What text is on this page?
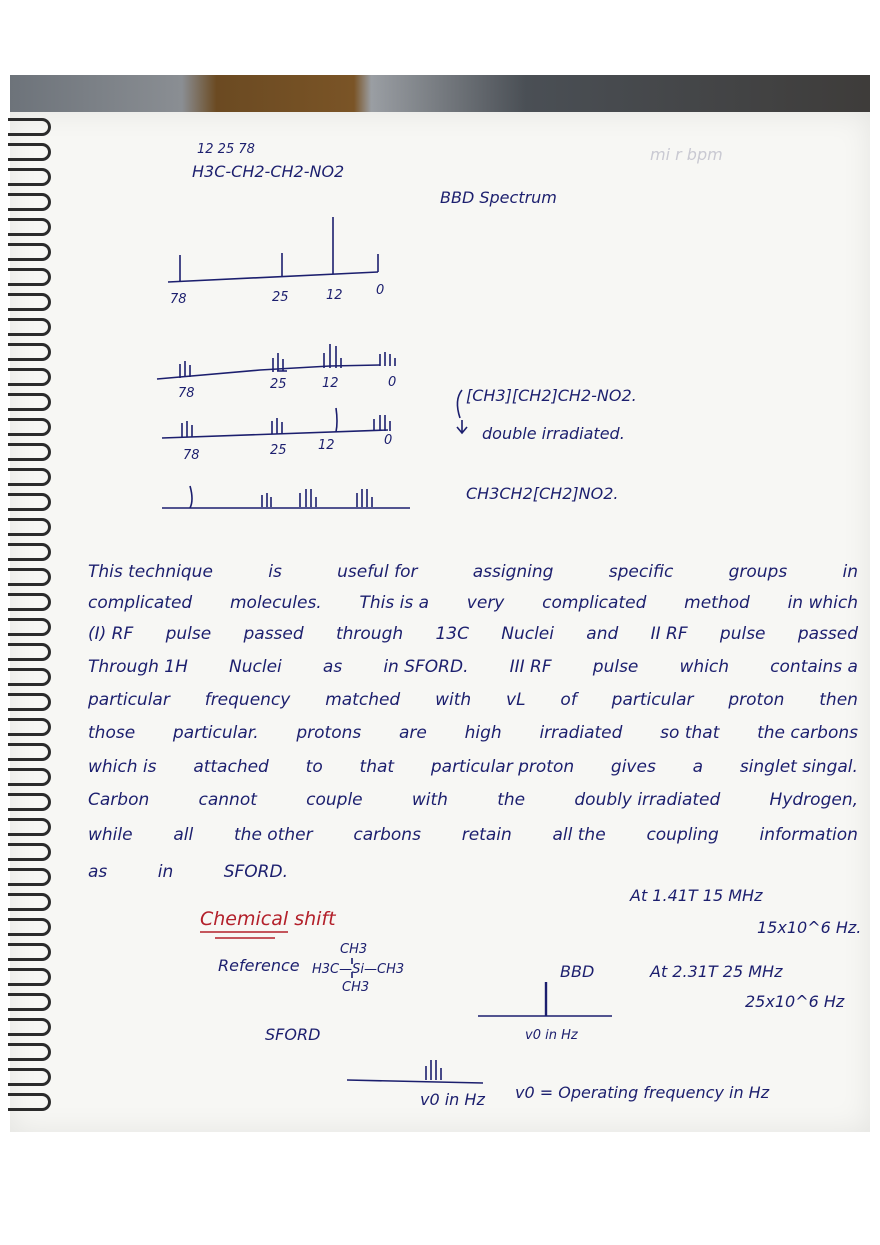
12 25 78
H3C-CH2-CH2-NO2
mi r bpm
BBD Spectrum
78	25	12	0
78
25	12	0
78	25 12	0
[CH3][CH2]CH2-NO2.
double irradiated.
CH3CH2[CH2]NO2.
This technique	is	useful for	assigning	specific	groups	in
complicated molecules. This is a very complicated method in which
(I) RF pulse passed through 13C Nuclei and II RF pulse passed
Through 1H Nuclei as in SFORD. III RF pulse which contains a
particular frequency matched with vL of particular proton then
those particular. protons are high irradiated so that the carbons
which is attached to that particular proton gives a singlet singal.
Carbon	cannot	couple	with	the	doubly irradiated	Hydrogen,
while all the other carbons retain all the coupling information
as	in	SFORD.
At 1.41T 15 MHz
15x10^6 Hz.
Chemical shift
Reference
CH3
H3C—Si—CH3
CH3
BBD	At 2.31T 25 MHz
25x10^6 Hz
v0 in Hz
SFORD
v0 in Hz v0 = Operating frequency in Hz
